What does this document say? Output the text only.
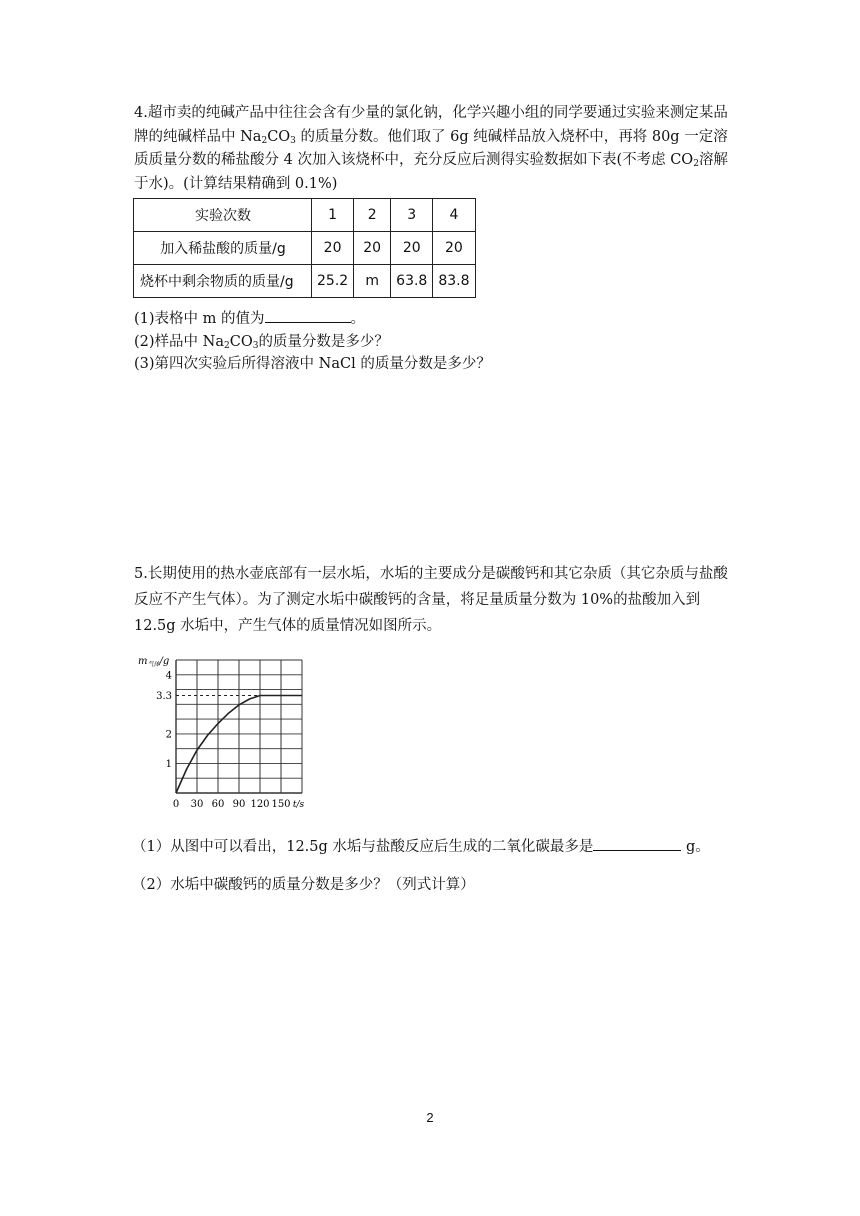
4.超市卖的纯碱产品中往往会含有少量的氯化钠，化学兴趣小组的同学要通过实验来测定某品牌的纯碱样品中 $Na_2CO_3$ 的质量分数。他们取了 6g 纯碱样品放入烧杯中，再将 80g 一定溶质质量分数的稀盐酸分 4 次加入该烧杯中，充分反应后测得实验数据如下表(不考虑 $CO_2$溶解于水)。(计算结果精确到 0.1%)

实验次数	1	2	3	4
加入稀盐酸的质量/g	20	20	20	20
烧杯中剩余物质的质量/g	25.2	m	63.8	83.8
(1)表格中 m 的值为	。
(2)样品中 $Na_2CO_3$的质量分数是多少？
(3)第四次实验后所得溶液中 NaCl 的质量分数是多少？

5.长期使用的热水壶底部有一层水垢，水垢的主要成分是碳酸钙和其它杂质（其它杂质与盐酸反应不产生气体）。为了测定水垢中碳酸钙的含量，将足量质量分数为 10%的盐酸加入到 12.5g 水垢中，产生气体的质量情况如图所示。

$m_{气体}/g$
1
2
3.3
4
0 30 60 90 120 150 t/s
（1）从图中可以看出，12.5g 水垢与盐酸反应后生成的二氧化碳最多是	g。
（2）水垢中碳酸钙的质量分数是多少？（列式计算）
2
